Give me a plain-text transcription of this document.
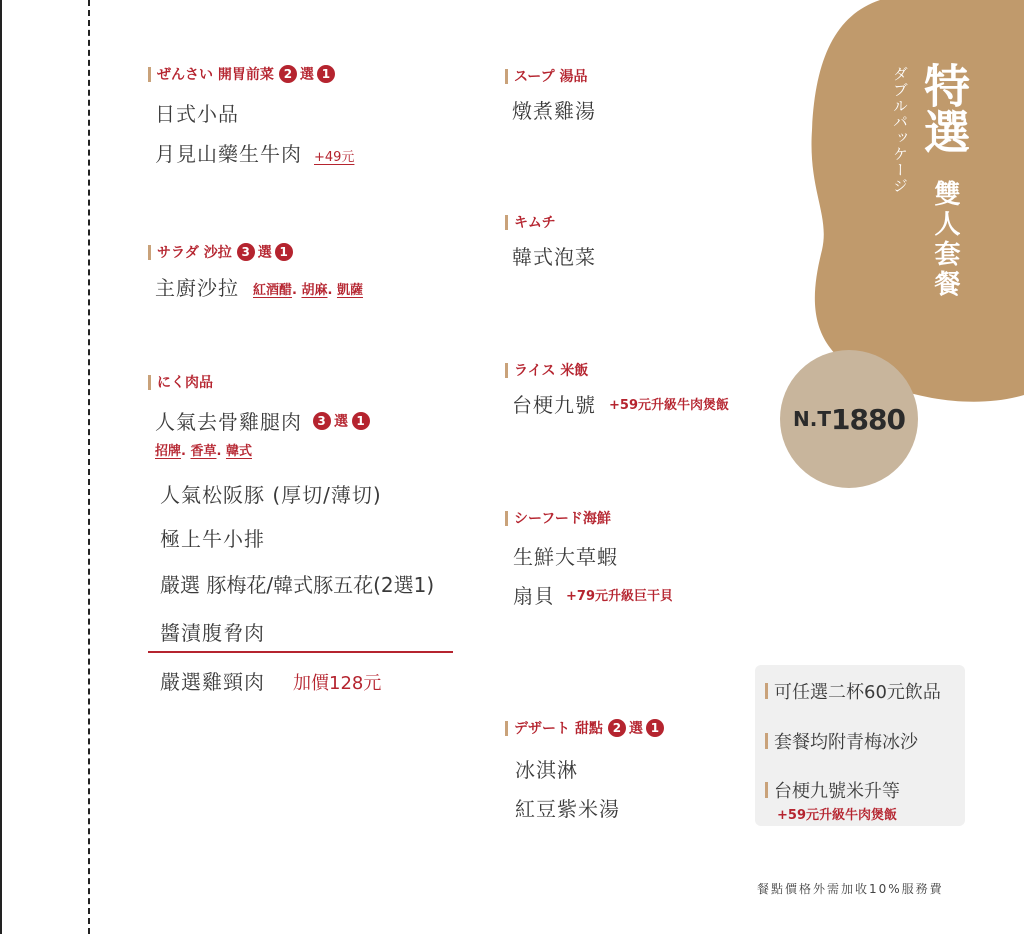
ダブルパッケージ 特選
雙人套餐
N.T 1880
ぜんさい 開胃前菜 2 選 1
日式小品
月見山藥生牛肉 +49元
サラダ 沙拉 3 選 1
主廚沙拉 紅酒醋. 胡麻. 凱薩
にく肉品
人氣去骨雞腿肉	3 選 1
招牌. 香草. 韓式
人氣松阪豚 (厚切/薄切)
極上牛小排
嚴選 豚梅花/韓式豚五花(2選1)
醬漬腹脅肉
嚴選雞頸肉 加價128元
スープ 湯品
燉煮雞湯
キムチ
韓式泡菜
ライス 米飯
台梗九號 +59元升級牛肉煲飯
シーフード海鮮
生鮮大草蝦
扇貝 +79元升級巨干貝
デザート 甜點 2 選 1
冰淇淋
紅豆紫米湯
可任選二杯60元飲品
套餐均附青梅冰沙
台梗九號米升等
+59元升級牛肉煲飯
餐點價格外需加收10%服務費
